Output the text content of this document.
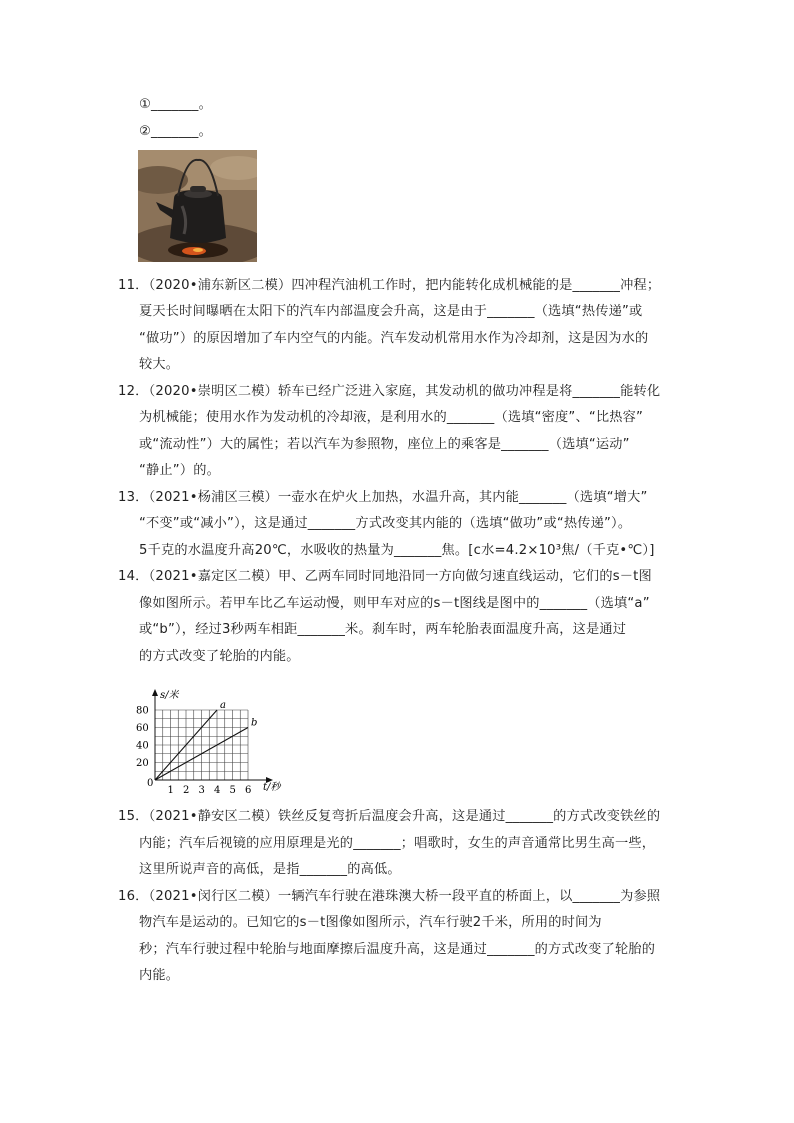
①_______。
②_______。
11．（2020•浦东新区二模）四冲程汽油机工作时，把内能转化成机械能的是_______冲程；
夏天长时间曝晒在太阳下的汽车内部温度会升高，这是由于_______（选填“热传递”或
“做功”）的原因增加了车内空气的内能。汽车发动机常用水作为冷却剂，这是因为水的
较大。
12．（2020•崇明区二模）轿车已经广泛进入家庭，其发动机的做功冲程是将_______能转化
为机械能；使用水作为发动机的冷却液，是利用水的_______（选填“密度”、“比热容”
或“流动性”）大的属性；若以汽车为参照物，座位上的乘客是_______（选填“运动”
“静止”）的。
13．（2021•杨浦区三模）一壶水在炉火上加热，水温升高，其内能_______（选填“增大”
“不变”或“减小”），这是通过_______方式改变其内能的（选填“做功”或“热传递”）。
5千克的水温度升高20℃，水吸收的热量为_______焦。[c水=4.2×10³焦/（千克•℃）]
14．（2021•嘉定区二模）甲、乙两车同时同地沿同一方向做匀速直线运动，它们的s－t图
像如图所示。若甲车比乙车运动慢，则甲车对应的s－t图线是图中的_______（选填“a”
或“b”），经过3秒两车相距_______米。刹车时，两车轮胎表面温度升高，这是通过
的方式改变了轮胎的内能。
1 2 3 4 5 6
20
40
60
80	a
b
s/米
t/秒
0
15．（2021•静安区二模）铁丝反复弯折后温度会升高，这是通过_______的方式改变铁丝的
内能；汽车后视镜的应用原理是光的_______；唱歌时，女生的声音通常比男生高一些，
这里所说声音的高低，是指_______的高低。
16．（2021•闵行区二模）一辆汽车行驶在港珠澳大桥一段平直的桥面上，以_______为参照
物汽车是运动的。已知它的s－t图像如图所示，汽车行驶2千米，所用的时间为
秒；汽车行驶过程中轮胎与地面摩擦后温度升高，这是通过_______的方式改变了轮胎的
内能。
